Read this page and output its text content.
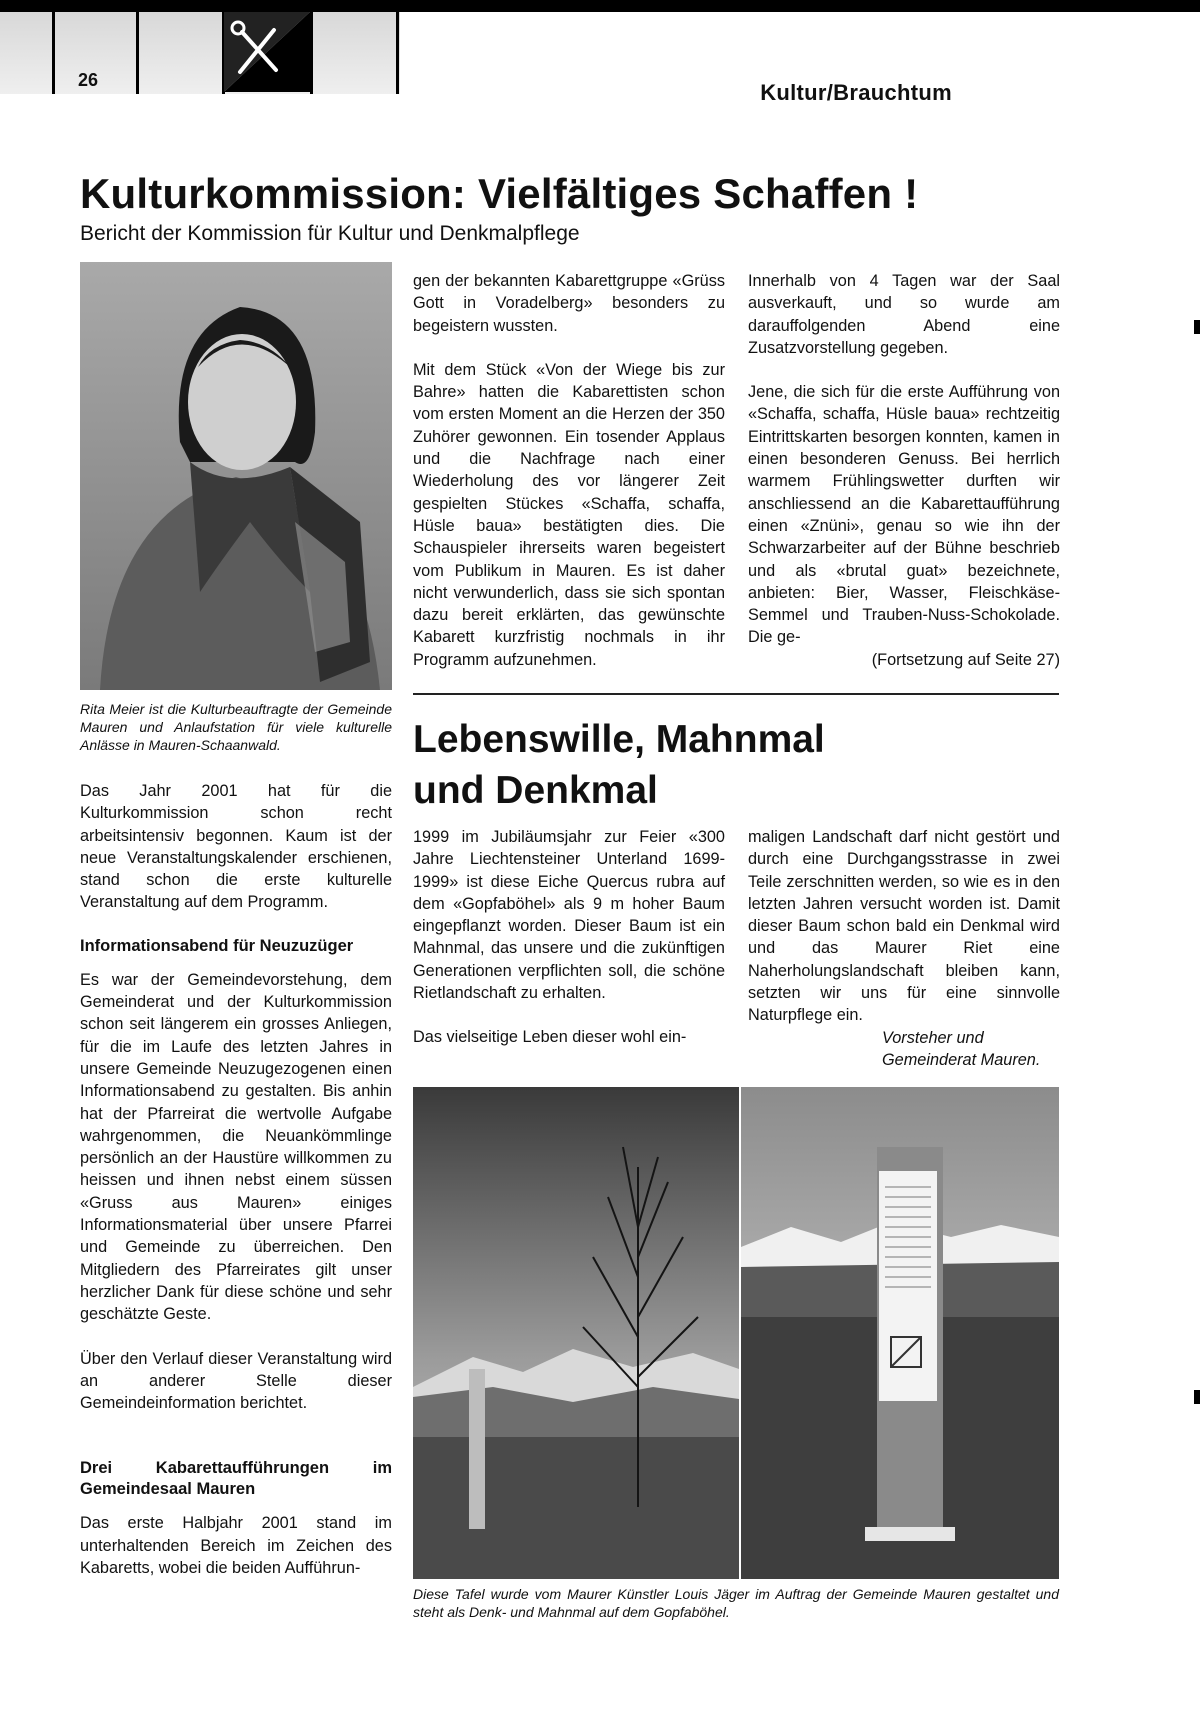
26	Kultur/Brauchtum
Kulturkommission: Vielfältiges Schaffen !
Bericht der Kommission für Kultur und Denkmalpflege
Rita Meier ist die Kulturbeauftragte der Gemeinde Mauren und Anlaufstation für viele kulturelle Anlässe in Mauren-Schaanwald.

Das Jahr 2001 hat für die Kulturkommission schon recht arbeitsintensiv begonnen. Kaum ist der neue Veranstaltungskalender erschienen, stand schon die erste kulturelle Veranstaltung auf dem Programm.

Informationsabend für Neuzuzüger

Es war der Gemeindevorstehung, dem Gemeinderat und der Kulturkommission schon seit längerem ein grosses Anliegen, für die im Laufe des letzten Jahres in unsere Gemeinde Neuzugezogenen einen Informationsabend zu gestalten. Bis anhin hat der Pfarreirat die wertvolle Aufgabe wahrgenommen, die Neuankömmlinge persönlich an der Haustüre willkommen zu heissen und ihnen nebst einem süssen «Gruss aus Mauren» einiges Informationsmaterial über unsere Pfarrei und Gemeinde zu überreichen. Den Mitgliedern des Pfarreirates gilt unser herzlicher Dank für diese schöne und sehr geschätzte Geste.

Über den Verlauf dieser Veranstaltung wird an anderer Stelle dieser Gemeindeinformation berichtet.

Drei Kabarettaufführungen im Gemeindesaal Mauren

Das erste Halbjahr 2001 stand im unterhaltenden Bereich im Zeichen des Kabaretts, wobei die beiden Aufführun-

gen der bekannten Kabarettgruppe «Grüss Gott in Voradelberg» besonders zu begeistern wussten.

Mit dem Stück «Von der Wiege bis zur Bahre» hatten die Kabarettisten schon vom ersten Moment an die Herzen der 350 Zuhörer gewonnen. Ein tosender Applaus und die Nachfrage nach einer Wiederholung des vor längerer Zeit gespielten Stückes «Schaffa, schaffa, Hüsle baua» bestätigten dies. Die Schauspieler ihrerseits waren begeistert vom Publikum in Mauren. Es ist daher nicht verwunderlich, dass sie sich spontan dazu bereit erklärten, das gewünschte Kabarett kurzfristig nochmals in ihr Programm aufzunehmen.

Innerhalb von 4 Tagen war der Saal ausverkauft, und so wurde am darauffolgenden Abend eine Zusatzvorstellung gegeben.

Jene, die sich für die erste Aufführung von «Schaffa, schaffa, Hüsle baua» rechtzeitig Eintrittskarten besorgen konnten, kamen in einen besonderen Genuss. Bei herrlich warmem Frühlingswetter durften wir anschliessend an die Kabarettaufführung einen «Znüni», genau so wie ihn der Schwarzarbeiter auf der Bühne beschrieb und als «brutal guat» bezeichnete, anbieten: Bier, Wasser, Fleischkäse-Semmel und Trauben-Nuss-Schokolade. Die ge-

(Fortsetzung auf Seite 27)
Lebenswille, Mahnmal
und Denkmal

1999 im Jubiläumsjahr zur Feier «300 Jahre Liechtensteiner Unterland 1699-1999» ist diese Eiche Quercus rubra auf dem «Gopfaböhel» als 9 m hoher Baum eingepflanzt worden. Dieser Baum ist ein Mahnmal, das unsere und die zukünftigen Generationen verpflichten soll, die schöne Rietlandschaft zu erhalten.

Das vielseitige Leben dieser wohl ein-

maligen Landschaft darf nicht gestört und durch eine Durchgangsstrasse in zwei Teile zerschnitten werden, so wie es in den letzten Jahren versucht worden ist. Damit dieser Baum schon bald ein Denkmal wird und das Maurer Riet eine Naherholungslandschaft bleiben kann, setzten wir uns für eine sinnvolle Naturpflege ein.

Vorsteher und
Gemeinderat Mauren.
Diese Tafel wurde vom Maurer Künstler Louis Jäger im Auftrag der Gemeinde Mauren gestaltet und steht als Denk- und Mahnmal auf dem Gopfaböhel.
